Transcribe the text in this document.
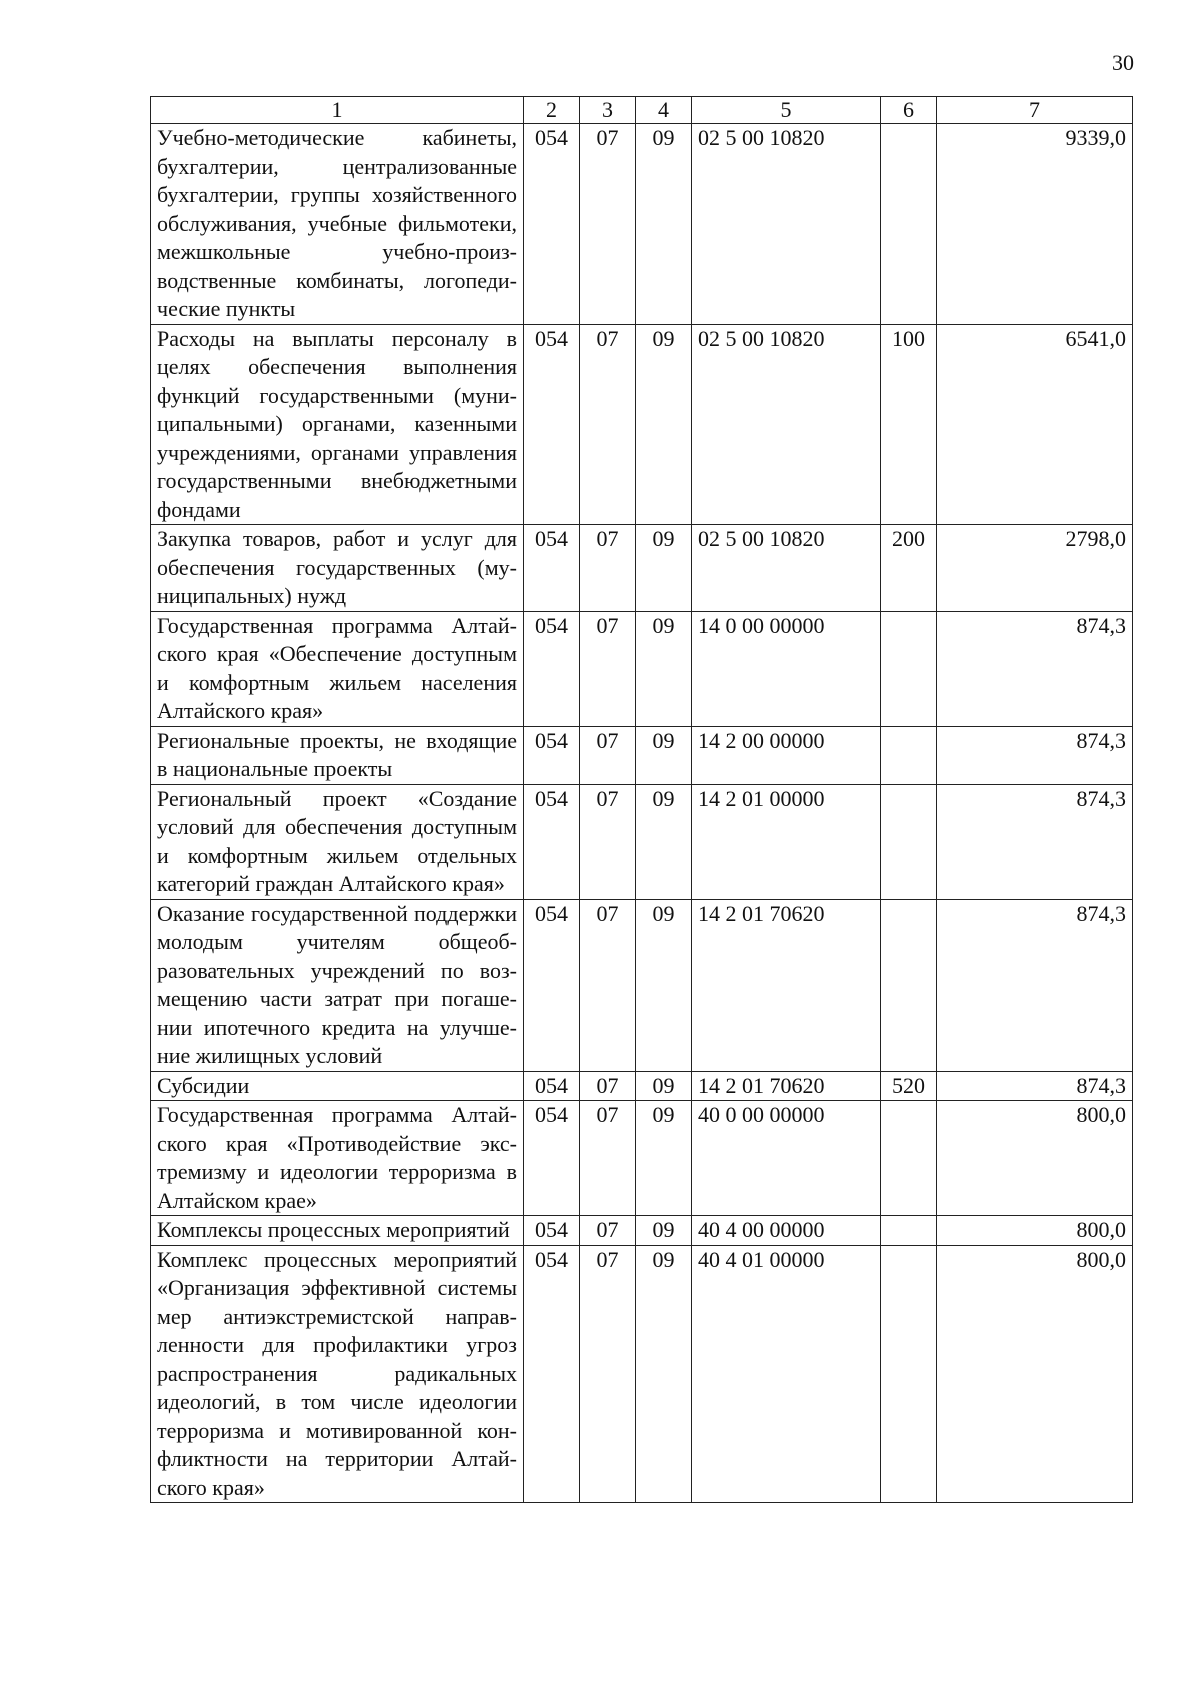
30
1	2	3	4	5	6	7
Учебно-методические кабинеты, бухгалтерии, централизованные бухгалтерии, группы хозяйственного обслуживания, учебные фильмотеки, межшкольные учебно-производственные комбинаты, логопедические пункты	054	07	09	02 5 00 10820		9339,0
Расходы на выплаты персоналу в целях обеспечения выполнения функций государственными (муниципальными) органами, казенными учреждениями, органами управления государственными внебюджетными фондами	054	07	09	02 5 00 10820	100	6541,0
Закупка товаров, работ и услуг для обеспечения государственных (муниципальных) нужд	054	07	09	02 5 00 10820	200	2798,0
Государственная программа Алтайского края «Обеспечение доступным и комфортным жильем населения Алтайского края»	054	07	09	14 0 00 00000		874,3
Региональные проекты, не входящие в национальные проекты	054	07	09	14 2 00 00000		874,3
Региональный проект «Создание условий для обеспечения доступным и комфортным жильем отдельных категорий граждан Алтайского края»	054	07	09	14 2 01 00000		874,3
Оказание государственной поддержки молодым учителям общеобразовательных учреждений по возмещению части затрат при погашении ипотечного кредита на улучшение жилищных условий	054	07	09	14 2 01 70620		874,3
Субсидии	054	07	09	14 2 01 70620	520	874,3
Государственная программа Алтайского края «Противодействие экстремизму и идеологии терроризма в Алтайском крае»	054	07	09	40 0 00 00000		800,0
Комплексы процессных мероприятий	054	07	09	40 4 00 00000		800,0
Комплекс процессных мероприятий «Организация эффективной системы мер антиэкстремистской направленности для профилактики угроз распространения радикальных идеологий, в том числе идеологии терроризма и мотивированной конфликтности на территории Алтайского края»	054	07	09	40 4 01 00000		800,0
